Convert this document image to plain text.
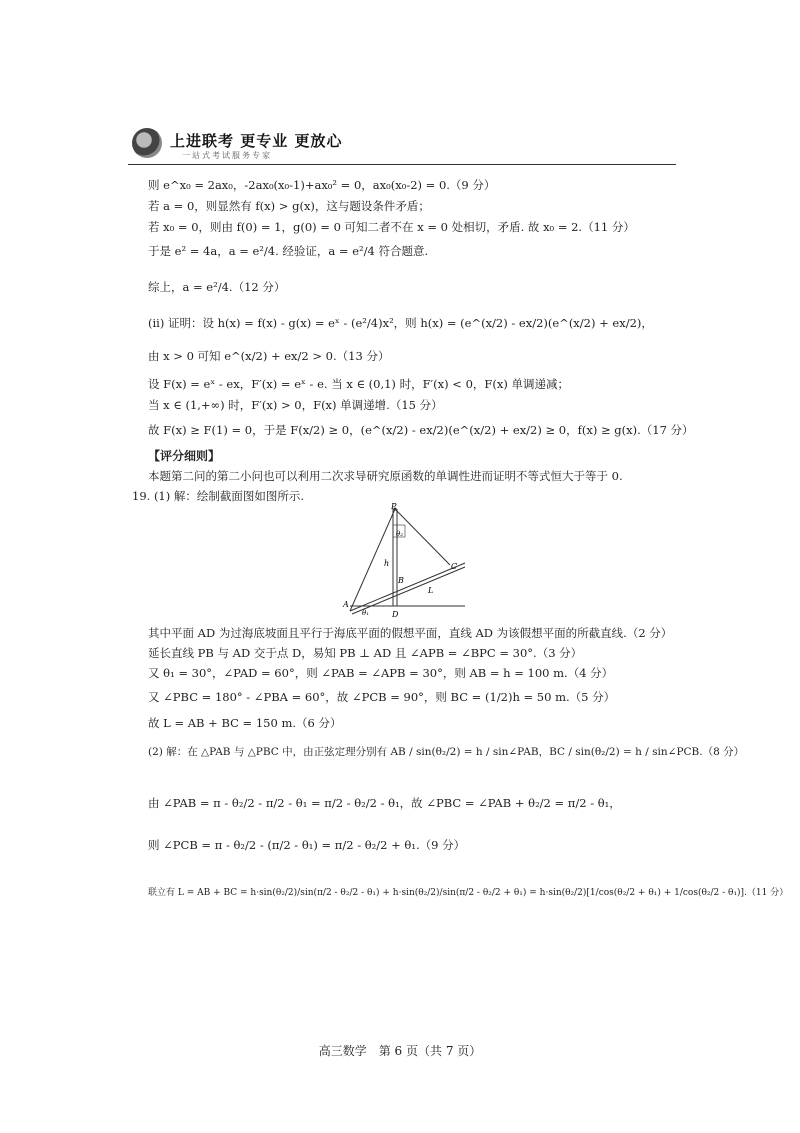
上进联考 更专业 更放心
一站式考试服务专家
则 e^x₀ = 2ax₀，-2ax₀(x₀-1)+ax₀² = 0，ax₀(x₀-2) = 0.（9 分）
若 a = 0，则显然有 f(x) > g(x)，这与题设条件矛盾；
若 x₀ = 0，则由 f(0) = 1，g(0) = 0 可知二者不在 x = 0 处相切，矛盾. 故 x₀ = 2.（11 分）
于是 e² = 4a，a = e²/4. 经验证，a = e²/4 符合题意.
综上，a = e²/4.（12 分）
(ii) 证明：设 h(x) = f(x) - g(x) = eˣ - (e²/4)x²，则 h(x) = (e^(x/2) - ex/2)(e^(x/2) + ex/2)，
由 x > 0 可知 e^(x/2) + ex/2 > 0.（13 分）
设 F(x) = eˣ - ex，F′(x) = eˣ - e. 当 x ∈ (0,1) 时，F′(x) < 0，F(x) 单调递减；
当 x ∈ (1,+∞) 时，F′(x) > 0，F(x) 单调递增.（15 分）
故 F(x) ≥ F(1) = 0，于是 F(x/2) ≥ 0，(e^(x/2) - ex/2)(e^(x/2) + ex/2) ≥ 0，f(x) ≥ g(x).（17 分）
【评分细则】
本题第二问的第二小问也可以利用二次求导研究原函数的单调性进而证明不等式恒大于等于 0.
19. (1) 解：绘制截面图如图所示.
P
θ₂
h
B
C
L
A
θ₁	D
其中平面 AD 为过海底坡面且平行于海底平面的假想平面，直线 AD 为该假想平面的所截直线.（2 分）
延长直线 PB 与 AD 交于点 D，易知 PB ⊥ AD 且 ∠APB = ∠BPC = 30°.（3 分）
又 θ₁ = 30°，∠PAD = 60°，则 ∠PAB = ∠APB = 30°，则 AB = h = 100 m.（4 分）
又 ∠PBC = 180° - ∠PBA = 60°，故 ∠PCB = 90°，则 BC = (1/2)h = 50 m.（5 分）
故 L = AB + BC = 150 m.（6 分）
(2) 解：在 △PAB 与 △PBC 中，由正弦定理分别有 AB / sin(θ₂/2) = h / sin∠PAB，BC / sin(θ₂/2) = h / sin∠PCB.（8 分）
由 ∠PAB = π - θ₂/2 - π/2 - θ₁ = π/2 - θ₂/2 - θ₁，故 ∠PBC = ∠PAB + θ₂/2 = π/2 - θ₁，
则 ∠PCB = π - θ₂/2 - (π/2 - θ₁) = π/2 - θ₂/2 + θ₁.（9 分）
联立有 L = AB + BC = h·sin(θ₂/2)/sin(π/2 - θ₂/2 - θ₁) + h·sin(θ₂/2)/sin(π/2 - θ₂/2 + θ₁) = h·sin(θ₂/2)[1/cos(θ₂/2 + θ₁) + 1/cos(θ₂/2 - θ₁)].（11 分）
高三数学　第 6 页（共 7 页）
